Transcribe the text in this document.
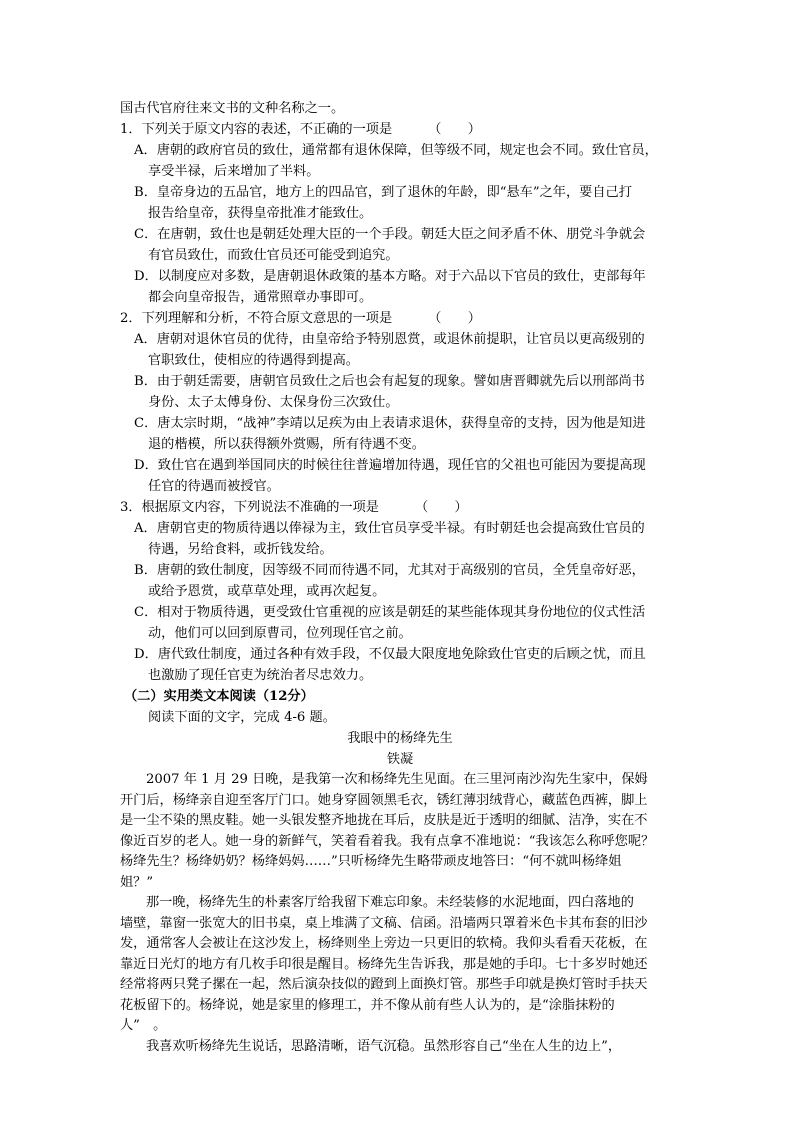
国古代官府往来文书的文种名称之一。
1．下列关于原文内容的表述，不正确的一项是	（　　）
A．唐朝的政府官员的致仕，通常都有退休保障，但等级不同，规定也会不同。致仕官员，
享受半禄，后来增加了半料。
B．皇帝身边的五品官，地方上的四品官，到了退休的年龄，即“悬车”之年，要自己打
报告给皇帝，获得皇帝批准才能致仕。
C．在唐朝，致仕也是朝廷处理大臣的一个手段。朝廷大臣之间矛盾不休、朋党斗争就会
有官员致仕，而致仕官员还可能受到追究。
D．以制度应对多数，是唐朝退休政策的基本方略。对于六品以下官员的致仕，吏部每年
都会向皇帝报告，通常照章办事即可。
2．下列理解和分析，不符合原文意思的一项是	（　　）
A．唐朝对退休官员的优待，由皇帝给予特别恩赏，或退休前提职，让官员以更高级别的
官职致仕，使相应的待遇得到提高。
B．由于朝廷需要，唐朝官员致仕之后也会有起复的现象。譬如唐晋卿就先后以刑部尚书
身份、太子太傅身份、太保身份三次致仕。
C．唐太宗时期，“战神”李靖以足疾为由上表请求退休，获得皇帝的支持，因为他是知进
退的楷模，所以获得额外赏赐，所有待遇不变。
D．致仕官在遇到举国同庆的时候往往普遍增加待遇，现任官的父祖也可能因为要提高现
任官的待遇而被授官。
3．根据原文内容，下列说法不准确的一项是	（　　）
A．唐朝官吏的物质待遇以俸禄为主，致仕官员享受半禄。有时朝廷也会提高致仕官员的
待遇，另给食料，或折钱发给。
B．唐朝的致仕制度，因等级不同而待遇不同，尤其对于高级别的官员，全凭皇帝好恶，
或给予恩赏，或草草处理，或再次起复。
C．相对于物质待遇，更受致仕官重视的应该是朝廷的某些能体现其身份地位的仪式性活
动，他们可以回到原曹司，位列现任官之前。
D．唐代致仕制度，通过各种有效手段，不仅最大限度地免除致仕官吏的后顾之忧，而且
也激励了现任官吏为统治者尽忠效力。
（二）实用类文本阅读（12分）
阅读下面的文字，完成 4-6 题。
我眼中的杨绛先生
铁凝
2007 年 1 月 29 日晚，是我第一次和杨绛先生见面。在三里河南沙沟先生家中，保姆
开门后，杨绛亲自迎至客厅门口。她身穿圆领黑毛衣，锈红薄羽绒背心，藏蓝色西裤，脚上
是一尘不染的黑皮鞋。她一头银发整齐地拢在耳后，皮肤是近于透明的细腻、洁净，实在不
像近百岁的老人。她一身的新鲜气，笑着看着我。我有点拿不准地说：“我该怎么称呼您呢？
杨绛先生？杨绛奶奶？杨绛妈妈……”只听杨绛先生略带顽皮地答曰：“何不就叫杨绛姐
姐？”
那一晚，杨绛先生的朴素客厅给我留下难忘印象。未经装修的水泥地面，四白落地的
墙壁，靠窗一张宽大的旧书桌，桌上堆满了文稿、信函。沿墙两只罩着米色卡其布套的旧沙
发，通常客人会被让在这沙发上，杨绛则坐上旁边一只更旧的软椅。我仰头看看天花板，在
靠近日光灯的地方有几枚手印很是醒目。杨绛先生告诉我，那是她的手印。七十多岁时她还
经常将两只凳子摞在一起，然后演杂技似的蹬到上面换灯管。那些手印就是换灯管时手扶天
花板留下的。杨绛说，她是家里的修理工，并不像从前有些人认为的，是“涂脂抹粉的
人”　。
我喜欢听杨绛先生说话，思路清晰，语气沉稳。虽然形容自己“坐在人生的边上”，
